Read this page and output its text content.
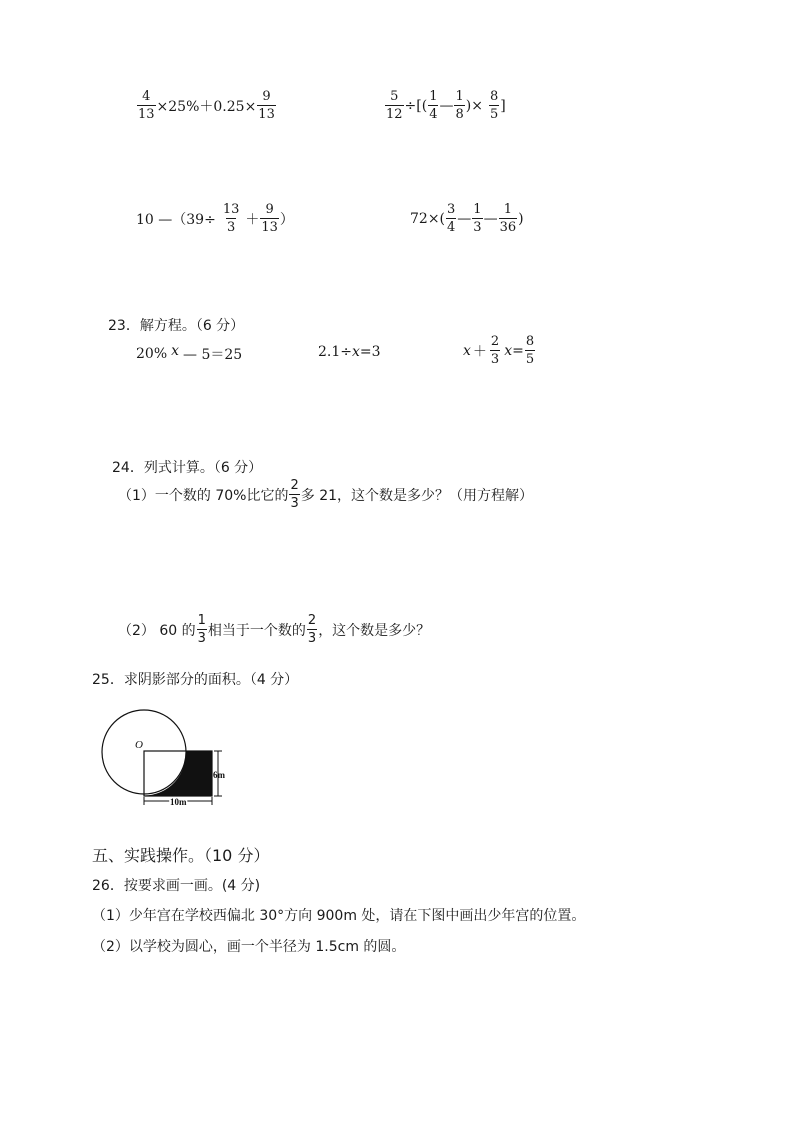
$\frac{4}{13} \times 25\%+0.25\times \frac{9}{13}$	$\frac{5}{12}$ ÷[( $\frac{1}{4}$ — $\frac{1}{8}$ )× $\frac{8}{5}$ ]
10 —（39÷ $\frac{13}{3} + \frac{9}{13}$ ）	$72\times( \frac{3}{4}$ — $\frac{1}{3}$ — $\frac{1}{36}$ )
23．解方程。（6 分）
20% x — 5＝25	2.1÷ x =3	$x + \frac{2}{3}$ $x = \frac{8}{5}$
24．列式计算。（6 分）
（1）一个数的 70%比它的 $\frac{2}{3}$ 多 21，这个数是多少？（用方程解）
（2） 60 的 $\frac{1}{3}$ 相当于一个数的 $\frac{2}{3}$ ，这个数是多少？
25．求阴影部分的面积。（4 分）
O
6m
10m
五、实践操作。（10 分）
26．按要求画一画。(4 分)
（1）少年宫在学校西偏北 30°方向 900m 处，请在下图中画出少年宫的位置。
（2）以学校为圆心，画一个半径为 1.5cm 的圆。
